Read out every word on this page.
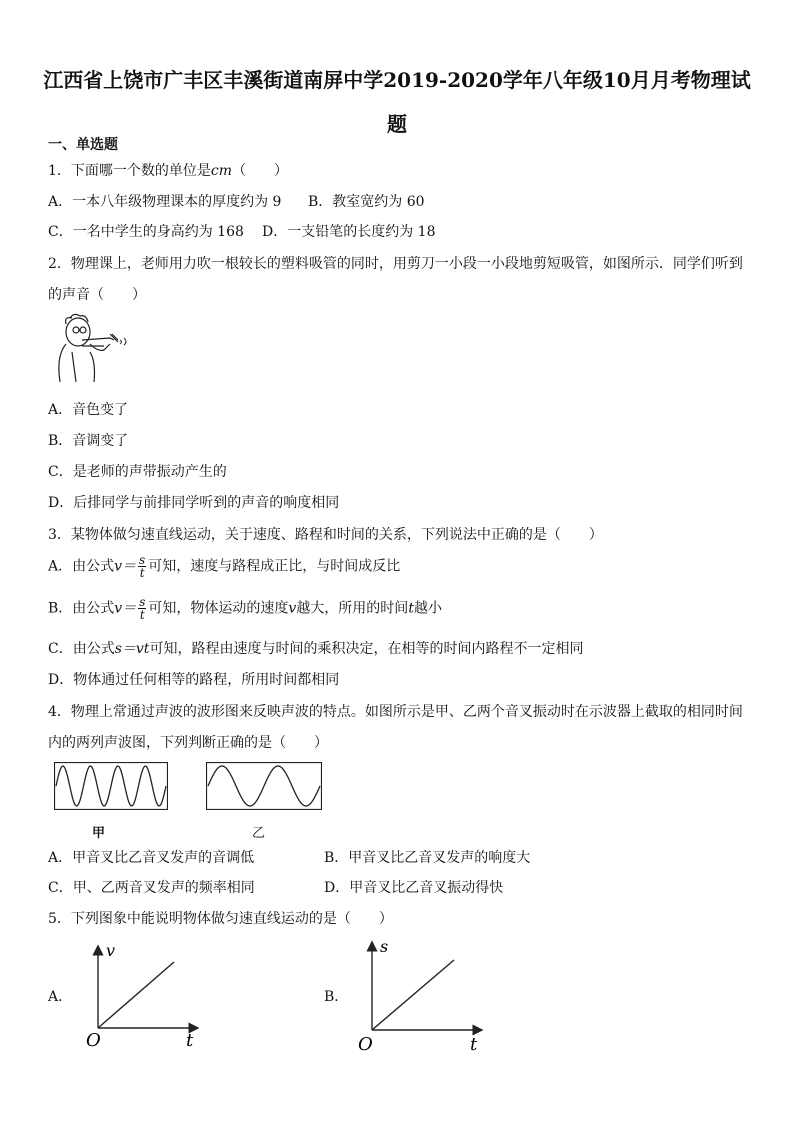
江西省上饶市广丰区丰溪街道南屏中学2019-2020学年八年级10月月考物理试
题
一、单选题
1．下面哪一个数的单位是cm（　　）
A．一本八年级物理课本的厚度约为 9 B．教室宽约为 60
C．一名中学生的身高约为 168 D．一支铅笔的长度约为 18
2．物理课上，老师用力吹一根较长的塑料吸管的同时，用剪刀一小段一小段地剪短吸管，如图所示．同学们听到
的声音（　　）
A．音色变了
B．音调变了
C．是老师的声带振动产生的
D．后排同学与前排同学听到的声音的响度相同
3．某物体做匀速直线运动，关于速度、路程和时间的关系，下列说法中正确的是（　　）
A．由公式$v= \frac{s}{t}$ 可知，速度与路程成正比，与时间成反比
B．由公式$v= \frac{s}{t}$ 可知，物体运动的速度v越大，所用的时间t越小
C．由公式s＝vt可知，路程由速度与时间的乘积决定，在相等的时间内路程不一定相同
D．物体通过任何相等的路程，所用时间都相同
4．物理上常通过声波的波形图来反映声波的特点。如图所示是甲、乙两个音叉振动时在示波器上截取的相同时间
内的两列声波图，下列判断正确的是（　　）
甲	乙
A．甲音叉比乙音叉发声的音调低	B．甲音叉比乙音叉发声的响度大
C．甲、乙两音叉发声的频率相同	D．甲音叉比乙音叉振动得快
5．下列图象中能说明物体做匀速直线运动的是（　　）
A．
v
O	t
B．
s
O	t
